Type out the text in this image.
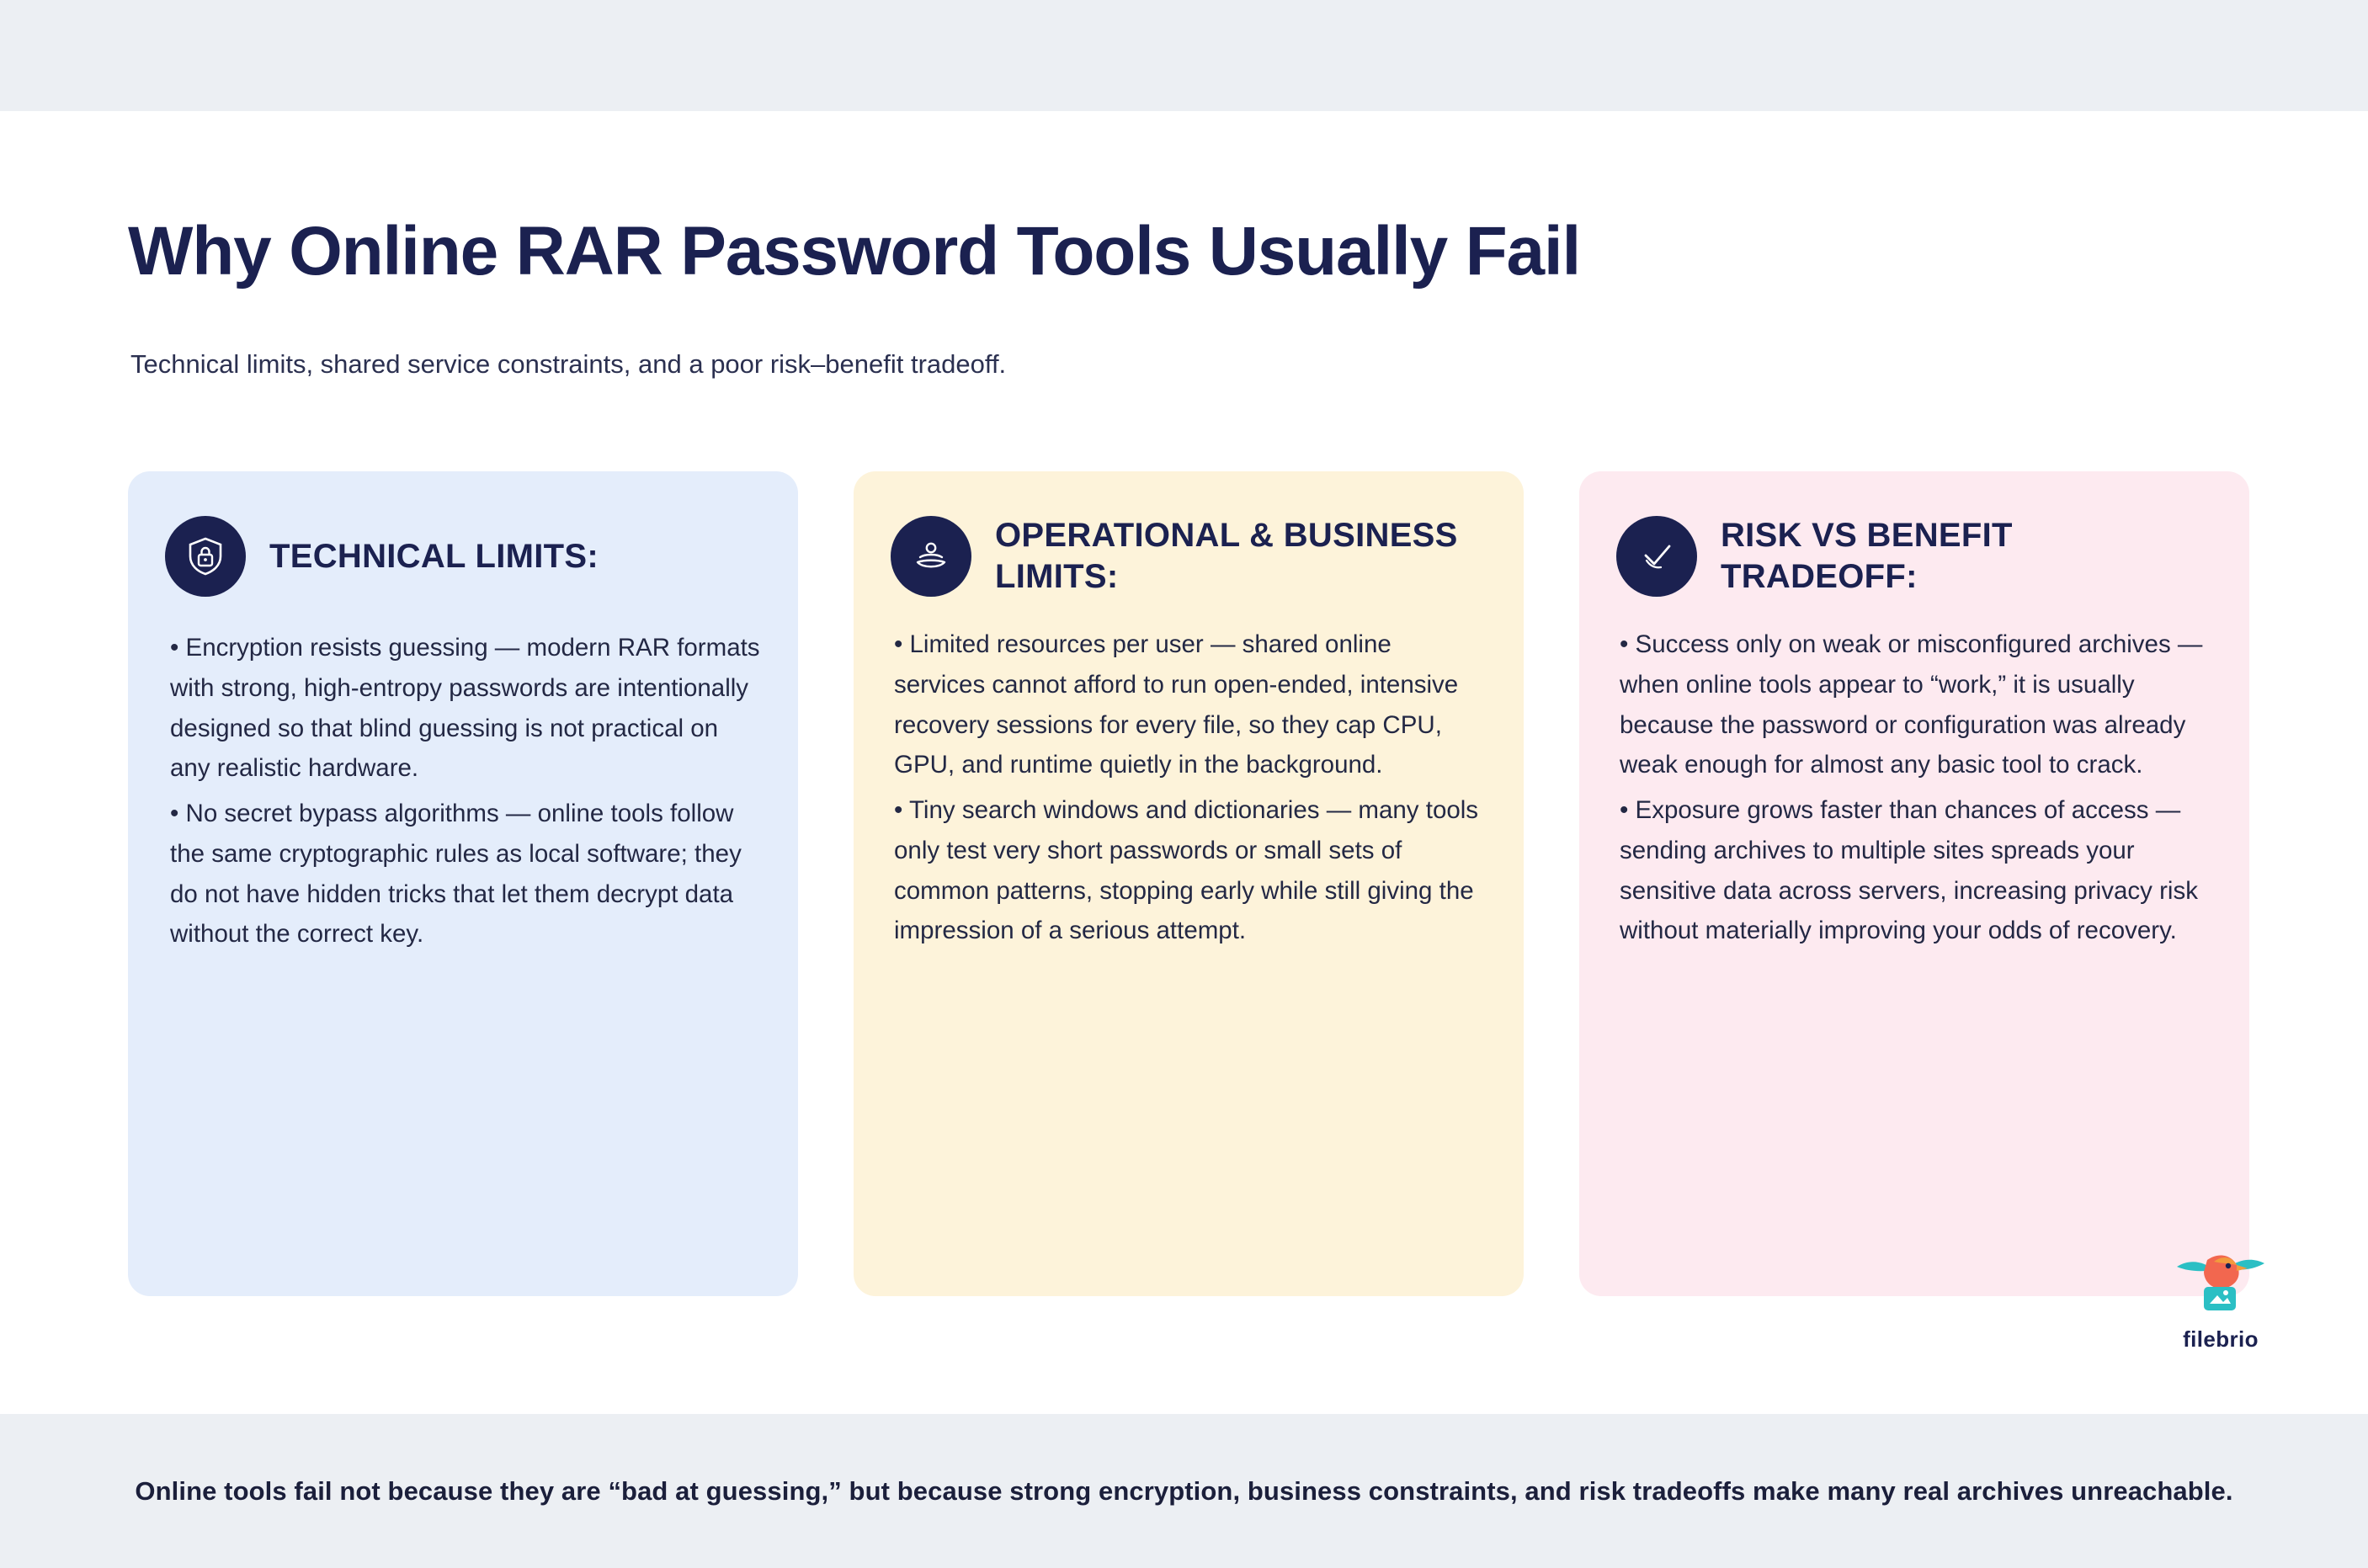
Why Online RAR Password Tools Usually Fail
Technical limits, shared service constraints, and a poor risk–benefit tradeoff.
TECHNICAL LIMITS:

• Encryption resists guessing — modern RAR formats with strong, high-entropy passwords are intentionally designed so that blind guessing is not practical on any realistic hardware.

• No secret bypass algorithms — online tools follow the same cryptographic rules as local software; they do not have hidden tricks that let them decrypt data without the correct key.

OPERATIONAL & BUSINESS LIMITS:

• Limited resources per user — shared online services cannot afford to run open-ended, intensive recovery sessions for every file, so they cap CPU, GPU, and runtime quietly in the background.

• Tiny search windows and dictionaries — many tools only test very short passwords or small sets of common patterns, stopping early while still giving the impression of a serious attempt.

RISK VS BENEFIT TRADEOFF:

• Success only on weak or misconfigured archives — when online tools appear to “work,” it is usually because the password or configuration was already weak enough for almost any basic tool to crack.

• Exposure grows faster than chances of access — sending archives to multiple sites spreads your sensitive data across servers, increasing privacy risk without materially improving your odds of recovery.

filebrio
Online tools fail not because they are “bad at guessing,” but because strong encryption, business constraints, and risk tradeoffs make many real archives unreachable.
